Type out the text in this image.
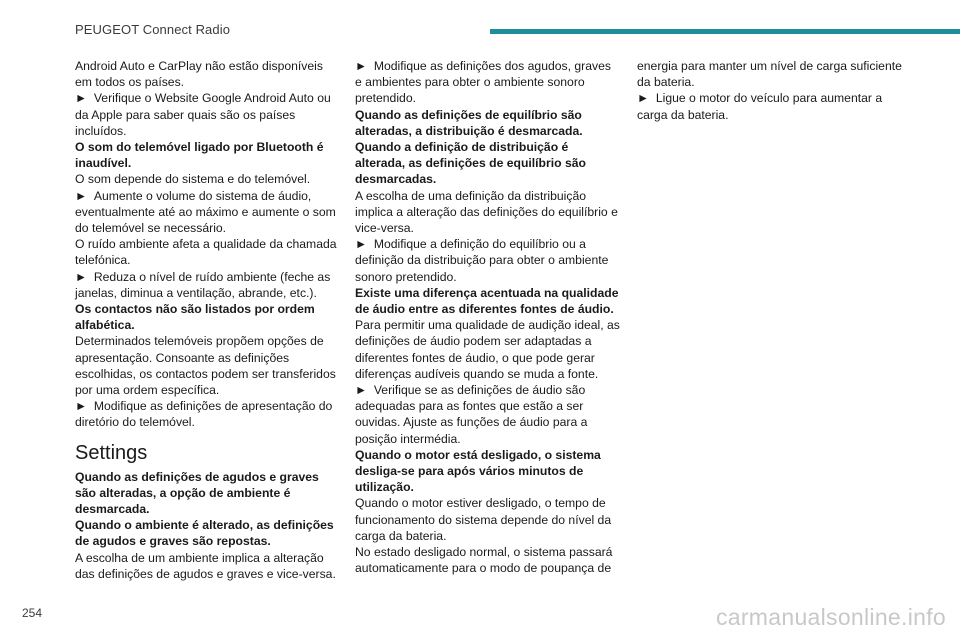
PEUGEOT Connect Radio

Android Auto e CarPlay não estão disponíveis em todos os países.

►  Verifique o Website Google Android Auto ou da Apple para saber quais são os países incluídos.

O som do telemóvel ligado por Bluetooth é inaudível.

O som depende do sistema e do telemóvel.

►  Aumente o volume do sistema de áudio, eventualmente até ao máximo e aumente o som do telemóvel se necessário.

O ruído ambiente afeta a qualidade da chamada telefónica.

►  Reduza o nível de ruído ambiente (feche as janelas, diminua a ventilação, abrande, etc.).

Os contactos não são listados por ordem alfabética.

Determinados telemóveis propõem opções de apresentação. Consoante as definições escolhidas, os contactos podem ser transferidos por uma ordem específica.

►  Modifique as definições de apresentação do diretório do telemóvel.

Settings

Quando as definições de agudos e graves são alteradas, a opção de ambiente é desmarcada.

Quando o ambiente é alterado, as definições de agudos e graves são repostas.

A escolha de um ambiente implica a alteração das definições de agudos e graves e vice-versa.

►  Modifique as definições dos agudos, graves e ambientes para obter o ambiente sonoro pretendido.

Quando as definições de equilíbrio são alteradas, a distribuição é desmarcada.

Quando a definição de distribuição é alterada, as definições de equilíbrio são desmarcadas.

A escolha de uma definição da distribuição implica a alteração das definições do equilíbrio e vice-versa.

►  Modifique a definição do equilíbrio ou a definição da distribuição para obter o ambiente sonoro pretendido.

Existe uma diferença acentuada na qualidade de áudio entre as diferentes fontes de áudio.

Para permitir uma qualidade de audição ideal, as definições de áudio podem ser adaptadas a diferentes fontes de áudio, o que pode gerar diferenças audíveis quando se muda a fonte.

►  Verifique se as definições de áudio são adequadas para as fontes que estão a ser ouvidas. Ajuste as funções de áudio para a posição intermédia.

Quando o motor está desligado, o sistema desliga-se para após vários minutos de utilização.

Quando o motor estiver desligado, o tempo de funcionamento do sistema depende do nível da carga da bateria.

No estado desligado normal, o sistema passará automaticamente para o modo de poupança de

energia para manter um nível de carga suficiente da bateria.

►  Ligue o motor do veículo para aumentar a carga da bateria.

254	carmanualsonline.info
